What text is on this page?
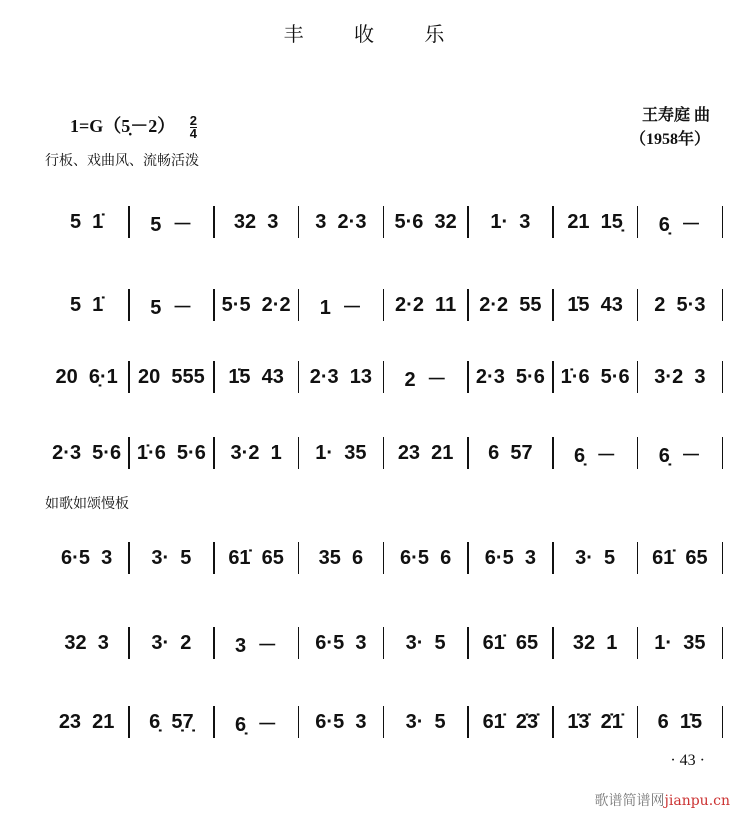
丰 收 乐
1=G（5̣－2） $\frac{2}{4}$	王寿庭 曲
（1958年）
行板、戏曲风、流畅活泼
如歌如颂慢板
5  1̇	5  －	32  3	3  2·3	5·6  32	1·  3	21  15̣	6̣  －
5  1̇	5  －	5·5  2·2	1  －	2·2  11	2·2  55	1̇5  43	2  5·3
20  6̣·1	20  555	1̇5  43	2·3  13	2  －	2·3  5·6 1̇·6  5·6	3·2  3
2·3  5·6 1̇·6  5·6	3·2  1	1·  35	23  21	6  57	6̣  －	6̣  －
6·5  3	3·  5	61̇  65	35  6	6·5  6	6·5  3	3·  5	61̇  65
32  3	3·  2	3  －	6·5  3	3·  5	61̇  65	32  1	1·  35
23  21	6̣  5̣7̣	6̣  －	6·5  3	3·  5	61̇  2̇3̇	1̇3̇  2̇1̇	6  1̇5
· 43 ·
歌谱简谱网jianpu.cn
